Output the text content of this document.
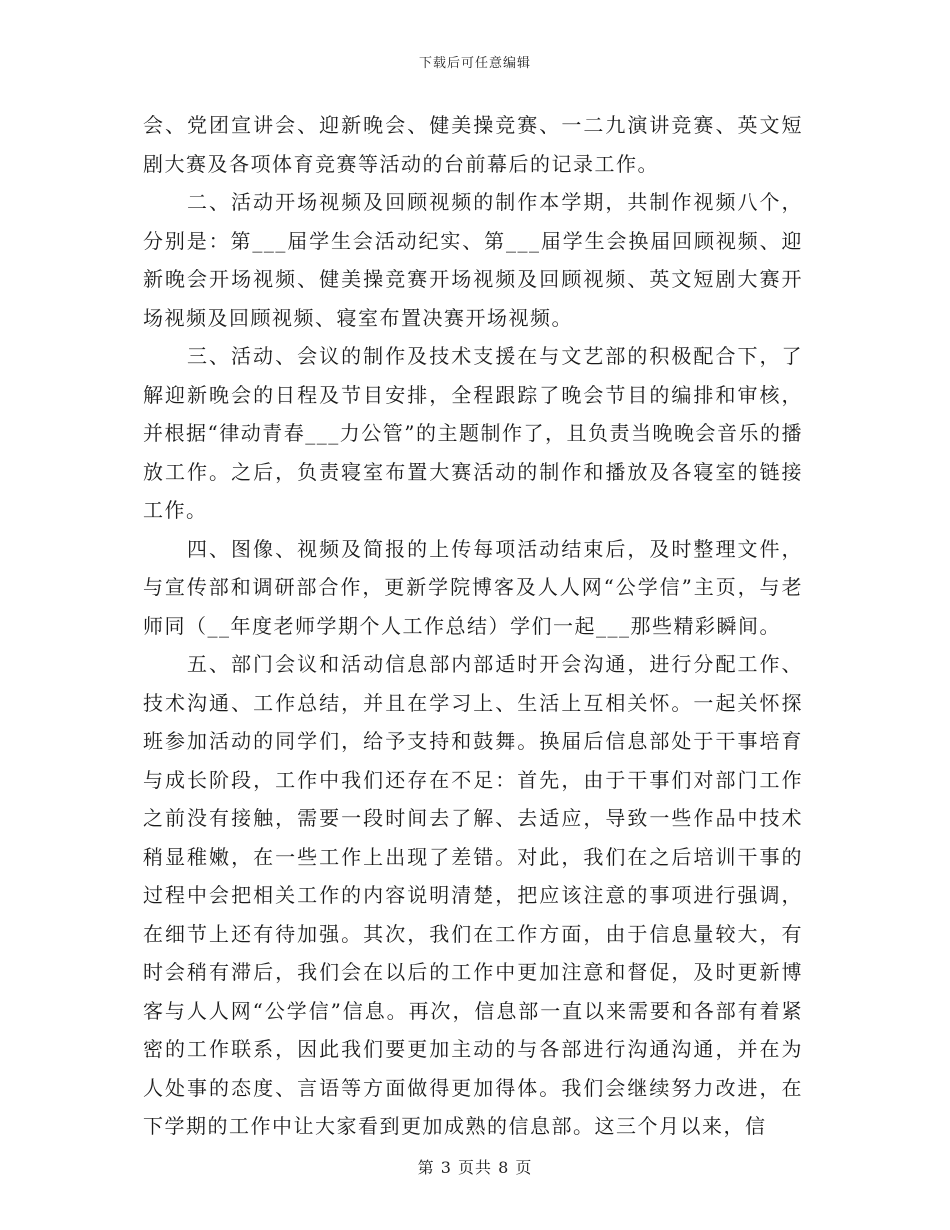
下载后可任意编辑

会、党团宣讲会、迎新晚会、健美操竞赛、一二九演讲竞赛、英文短剧大赛及各项体育竞赛等活动的台前幕后的记录工作。

二、活动开场视频及回顾视频的制作本学期，共制作视频八个，分别是：第___届学生会活动纪实、第___届学生会换届回顾视频、迎新晚会开场视频、健美操竞赛开场视频及回顾视频、英文短剧大赛开场视频及回顾视频、寝室布置决赛开场视频。

三、活动、会议的制作及技术支援在与文艺部的积极配合下，了解迎新晚会的日程及节目安排，全程跟踪了晚会节目的编排和审核，并根据“律动青春___力公管”的主题制作了，且负责当晚晚会音乐的播放工作。之后，负责寝室布置大赛活动的制作和播放及各寝室的链接工作。

四、图像、视频及简报的上传每项活动结束后，及时整理文件，与宣传部和调研部合作，更新学院博客及人人网“公学信”主页，与老师同（__年度老师学期个人工作总结）学们一起___那些精彩瞬间。

五、部门会议和活动信息部内部适时开会沟通，进行分配工作、技术沟通、工作总结，并且在学习上、生活上互相关怀。一起关怀探班参加活动的同学们，给予支持和鼓舞。换届后信息部处于干事培育与成长阶段，工作中我们还存在不足：首先，由于干事们对部门工作之前没有接触，需要一段时间去了解、去适应，导致一些作品中技术稍显稚嫩，在一些工作上出现了差错。对此，我们在之后培训干事的过程中会把相关工作的内容说明清楚，把应该注意的事项进行强调，在细节上还有待加强。其次，我们在工作方面，由于信息量较大，有时会稍有滞后，我们会在以后的工作中更加注意和督促，及时更新博客与人人网“公学信”信息。再次，信息部一直以来需要和各部有着紧密的工作联系，因此我们要更加主动的与各部进行沟通沟通，并在为人处事的态度、言语等方面做得更加得体。我们会继续努力改进，在下学期的工作中让大家看到更加成熟的信息部。这三个月以来，信

第 3 页共 8 页
